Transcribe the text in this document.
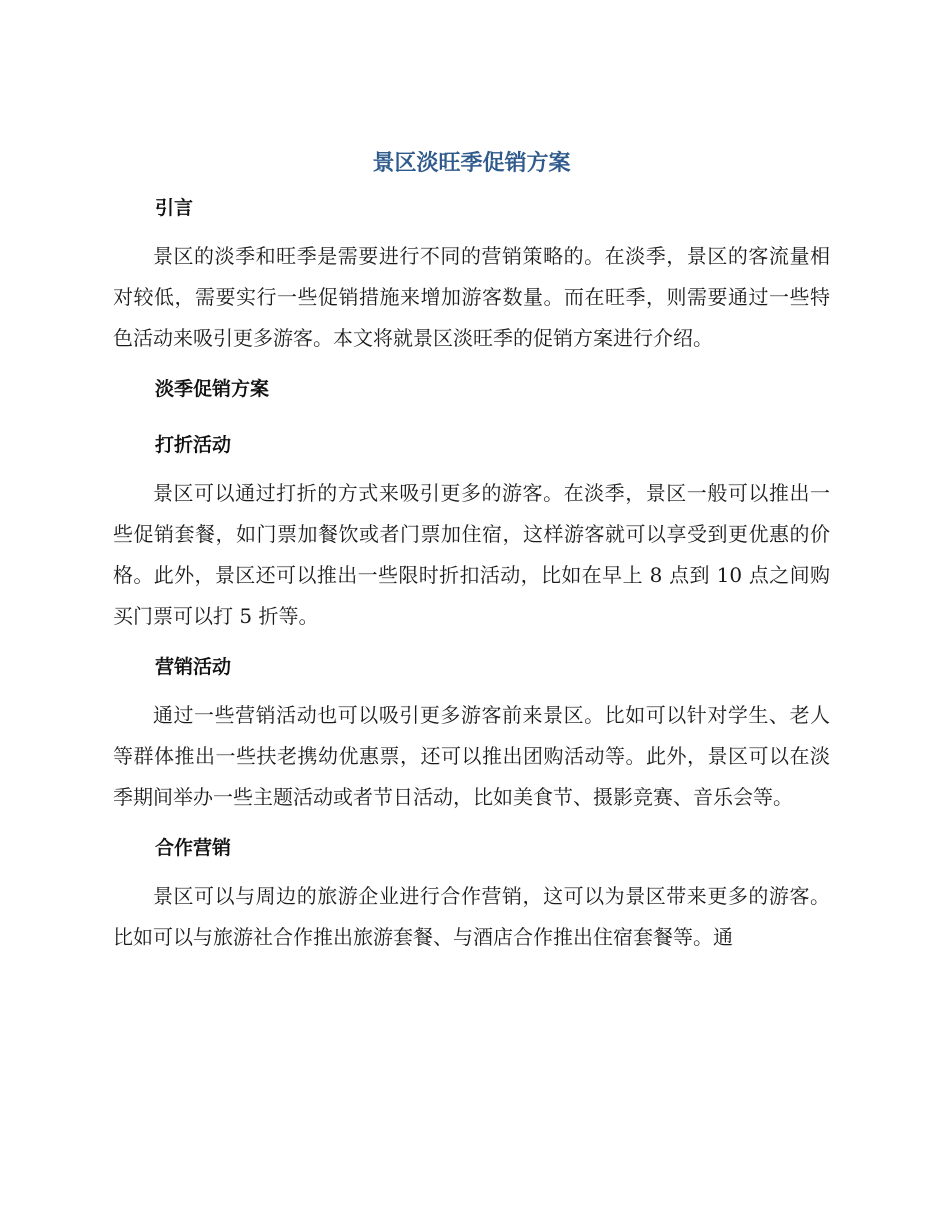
景区淡旺季促销方案
引言

景区的淡季和旺季是需要进行不同的营销策略的。在淡季，景区的客流量相对较低，需要实行一些促销措施来增加游客数量。而在旺季，则需要通过一些特色活动来吸引更多游客。本文将就景区淡旺季的促销方案进行介绍。

淡季促销方案
打折活动

景区可以通过打折的方式来吸引更多的游客。在淡季，景区一般可以推出一些促销套餐，如门票加餐饮或者门票加住宿，这样游客就可以享受到更优惠的价格。此外，景区还可以推出一些限时折扣活动，比如在早上 8 点到 10 点之间购买门票可以打 5 折等。

营销活动

通过一些营销活动也可以吸引更多游客前来景区。比如可以针对学生、老人等群体推出一些扶老携幼优惠票，还可以推出团购活动等。此外，景区可以在淡季期间举办一些主题活动或者节日活动，比如美食节、摄影竞赛、音乐会等。

合作营销

景区可以与周边的旅游企业进行合作营销，这可以为景区带来更多的游客。比如可以与旅游社合作推出旅游套餐、与酒店合作推出住宿套餐等。通
